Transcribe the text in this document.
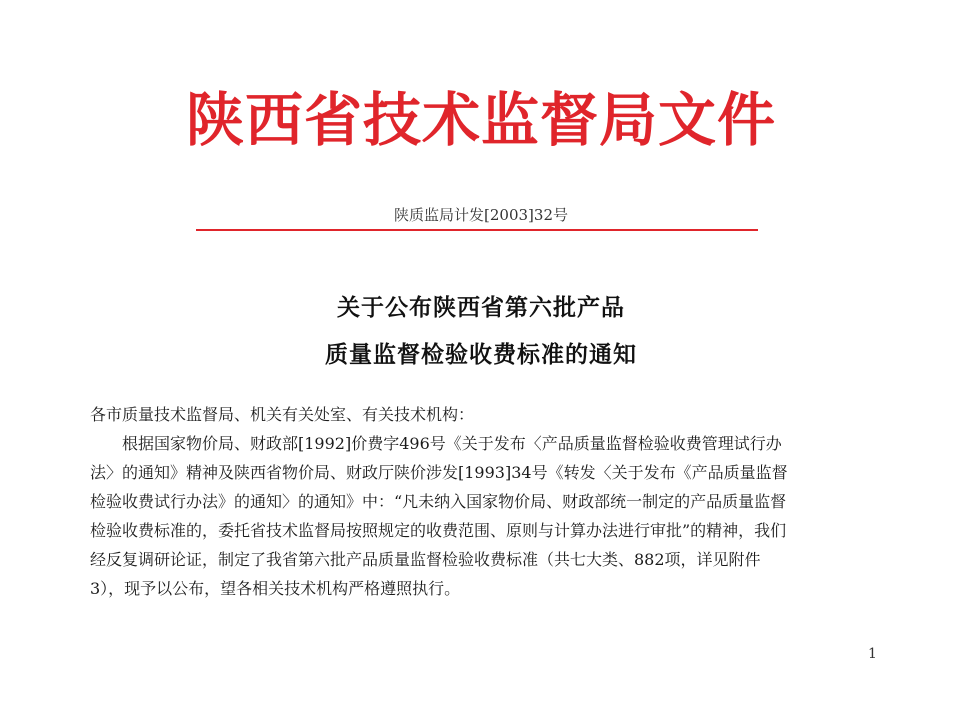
陕西省技术监督局文件
陕质监局计发[2003]32号
关于公布陕西省第六批产品
质量监督检验收费标准的通知

各市质量技术监督局、机关有关处室、有关技术机构：

根据国家物价局、财政部[1992]价费字496号《关于发布〈产品质量监督检验收费管理试行办

法〉的通知》精神及陕西省物价局、财政厅陕价涉发[1993]34号《转发〈关于发布《产品质量监督

检验收费试行办法》的通知〉的通知》中：“凡未纳入国家物价局、财政部统一制定的产品质量监督

检验收费标准的，委托省技术监督局按照规定的收费范围、原则与计算办法进行审批”的精神，我们

经反复调研论证，制定了我省第六批产品质量监督检验收费标准（共七大类、882项，详见附件

3），现予以公布，望各相关技术机构严格遵照执行。

1
